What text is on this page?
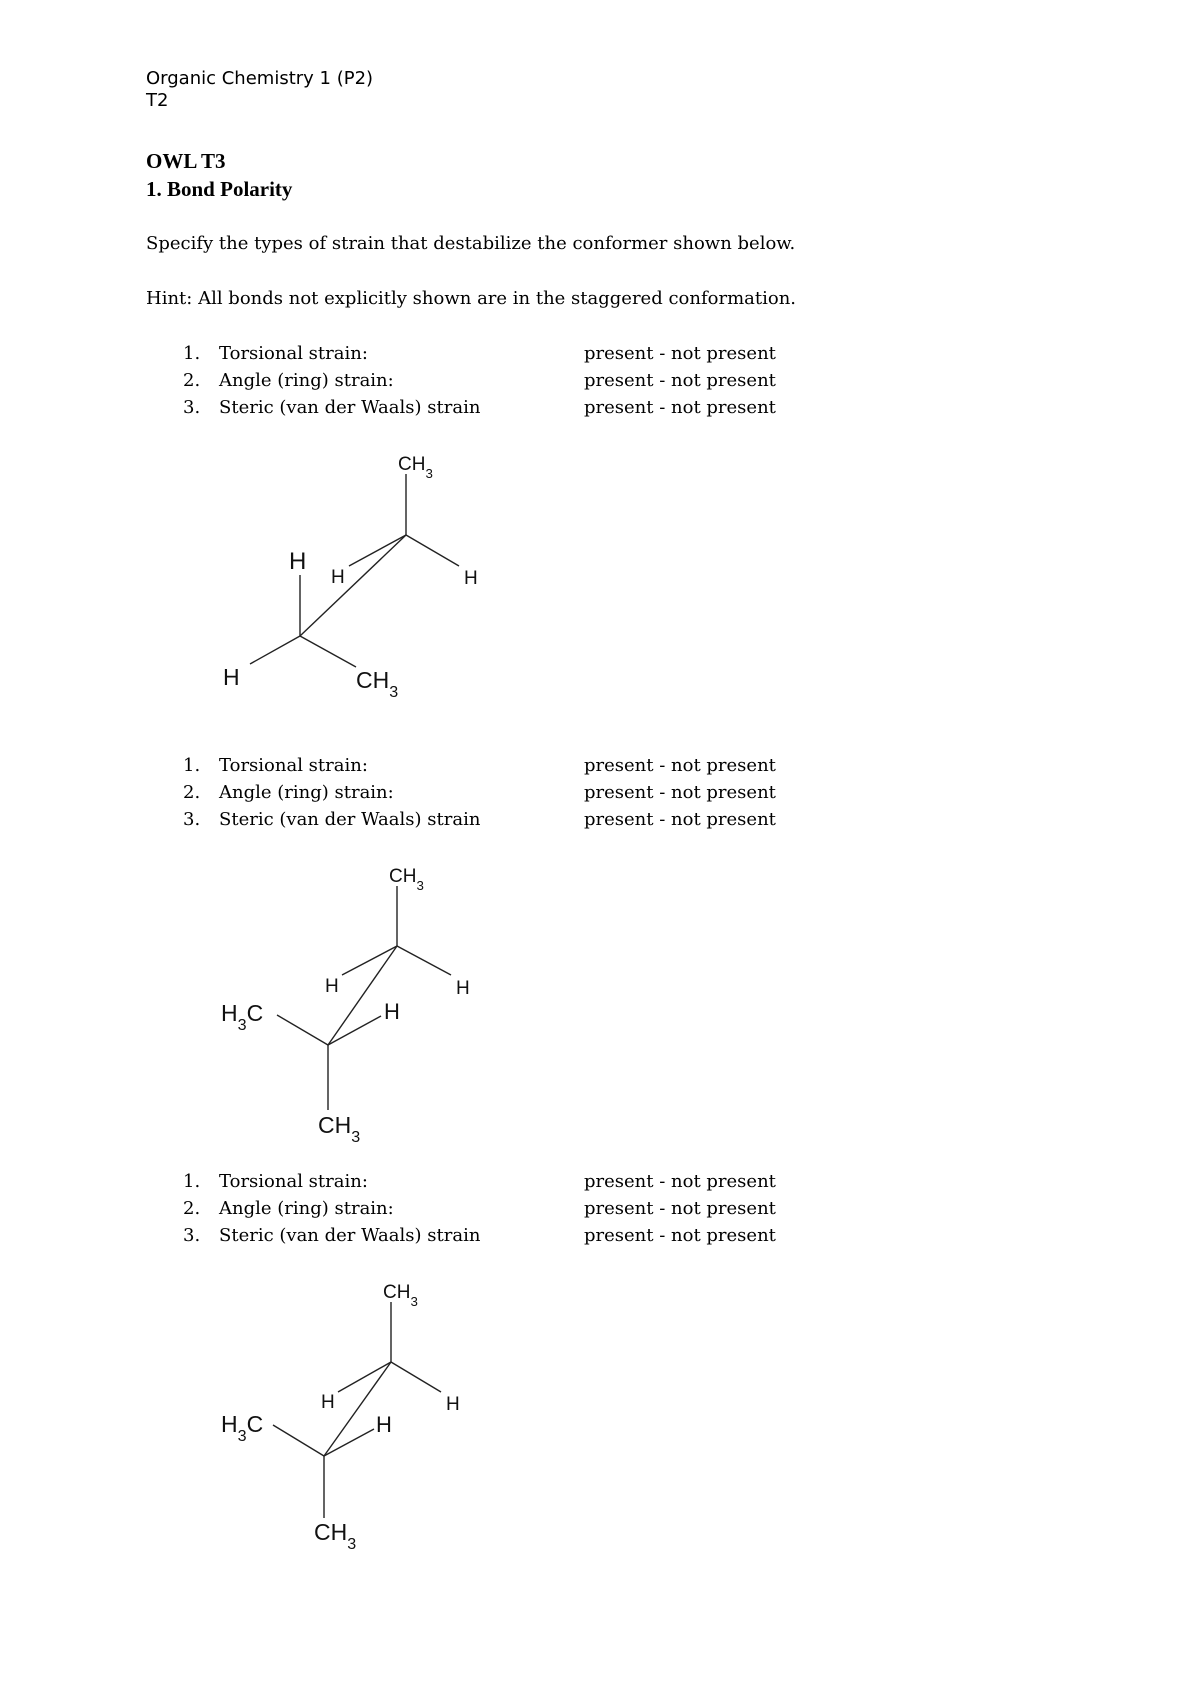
Organic Chemistry 1 (P2)
T2
OWL T3
1. Bond Polarity
Specify the types of strain that destabilize the conformer shown below.
Hint: All bonds not explicitly shown are in the staggered conformation.
1. Torsional strain:	present - not present
2. Angle (ring) strain:	present - not present
3. Steric (van der Waals) strain	present - not present
$CH_3$
H	H
H
H	$CH_3$
1. Torsional strain:	present - not present
2. Angle (ring) strain:	present - not present
3. Steric (van der Waals) strain	present - not present
$CH_3$
H	H
H
$H_3C$
$CH_3$
1. Torsional strain:	present - not present
2. Angle (ring) strain:	present - not present
3. Steric (van der Waals) strain	present - not present
$CH_3$
H	H
H
$H_3C$
$CH_3$
